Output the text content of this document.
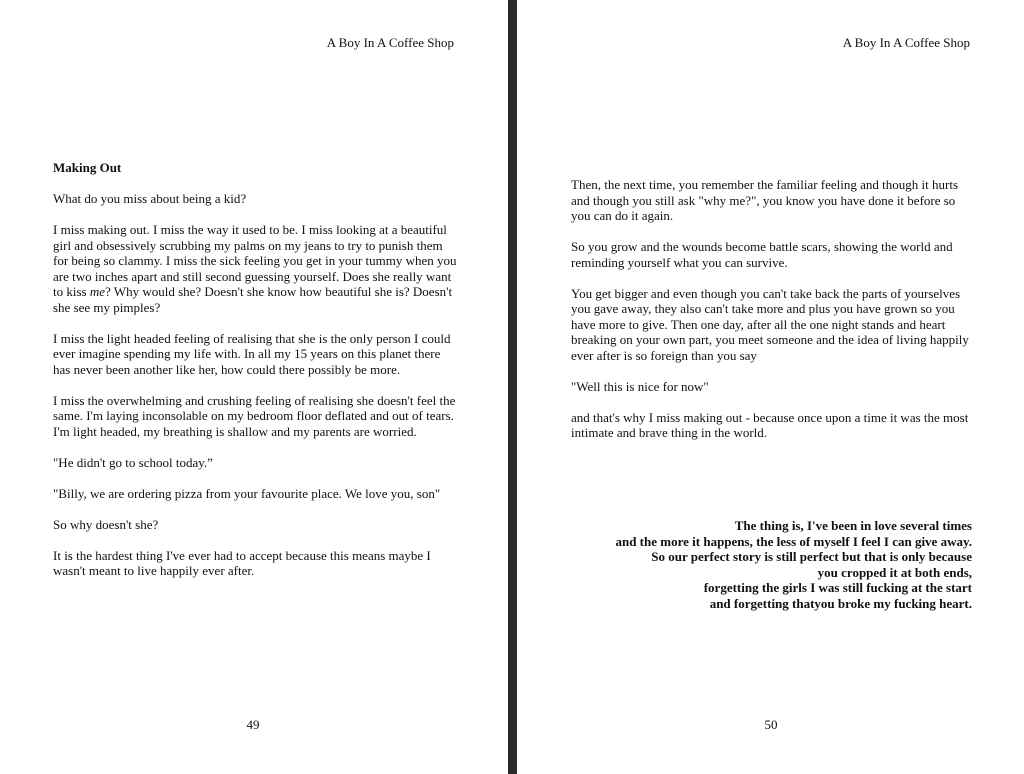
A Boy In A Coffee Shop
Making Out

What do you miss about being a kid?

I miss making out. I miss the way it used to be. I miss looking at a beautiful girl and obsessively scrubbing my palms on my jeans to try to punish them for being so clammy. I miss the sick feeling you get in your tummy when you are two inches apart and still second guessing yourself. Does she really want to kiss me? Why would she? Doesn't she know how beautiful she is? Doesn't she see my pimples?

I miss the light headed feeling of realising that she is the only person I could ever imagine spending my life with. In all my 15 years on this planet there has never been another like her, how could there possibly be more.

I miss the overwhelming and crushing feeling of realising she doesn't feel the same. I'm laying inconsolable on my bedroom floor deflated and out of tears. I'm light headed, my breathing is shallow and my parents are worried.

"He didn't go to school today.”

"Billy, we are ordering pizza from your favourite place. We love you, son"

So why doesn't she?

It is the hardest thing I've ever had to accept because this means maybe I wasn't meant to live happily ever after.

49
A Boy In A Coffee Shop

Then, the next time, you remember the familiar feeling and though it hurts and though you still ask "why me?", you know you have done it before so you can do it again.

So you grow and the wounds become battle scars, showing the world and reminding yourself what you can survive.

You get bigger and even though you can't take back the parts of yourselves you gave away, they also can't take more and plus you have grown so you have more to give. Then one day, after all the one night stands and heart breaking on your own part, you meet someone and the idea of living happily ever after is so foreign than you say

"Well this is nice for now"

and that's why I miss making out - because once upon a time it was the most intimate and brave thing in the world.

The thing is, I've been in love several times
and the more it happens, the less of myself I feel I can give away.
So our perfect story is still perfect but that is only because
you cropped it at both ends,
forgetting the girls I was still fucking at the start
and forgetting thatyou broke my fucking heart.
50
